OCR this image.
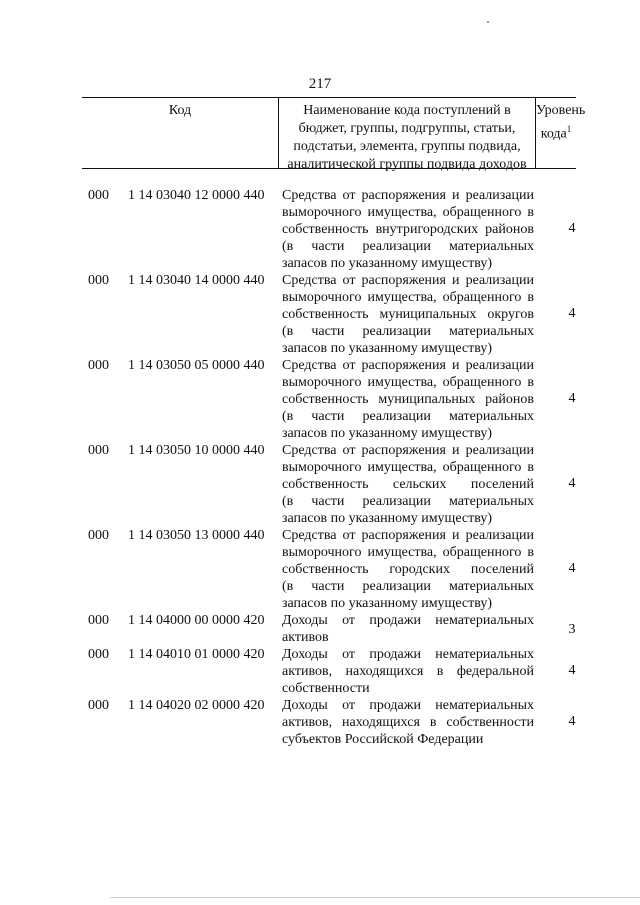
217
Код	Наименование кода поступлений в
бюджет, группы, подгруппы, статьи,
подстатьи, элемента, группы подвида,
аналитической группы подвида доходов
Уровень
кода$^1$
000	1 14 03040 12 0000 440	Средства от распоряжения и реализации
выморочного имущества, обращенного в
собственность внутригородских районов
(в части реализации материальных
запасов по указанному имуществу)
4
000	1 14 03040 14 0000 440	Средства от распоряжения и реализации
выморочного имущества, обращенного в
собственность муниципальных округов
(в части реализации материальных
запасов по указанному имуществу)
4
000	1 14 03050 05 0000 440	Средства от распоряжения и реализации
выморочного имущества, обращенного в
собственность муниципальных районов
(в части реализации материальных
запасов по указанному имуществу)
4
000	1 14 03050 10 0000 440	Средства от распоряжения и реализации
выморочного имущества, обращенного в
собственность сельских поселений
(в части реализации материальных
запасов по указанному имуществу)
4
000	1 14 03050 13 0000 440	Средства от распоряжения и реализации
выморочного имущества, обращенного в
собственность городских поселений
(в части реализации материальных
запасов по указанному имуществу)
4
000	1 14 04000 00 0000 420	Доходы от продажи нематериальных
активов
3
000	1 14 04010 01 0000 420	Доходы от продажи нематериальных
активов, находящихся в федеральной
собственности
4
000	1 14 04020 02 0000 420	Доходы от продажи нематериальных
активов, находящихся в собственности
субъектов Российской Федерации
4
